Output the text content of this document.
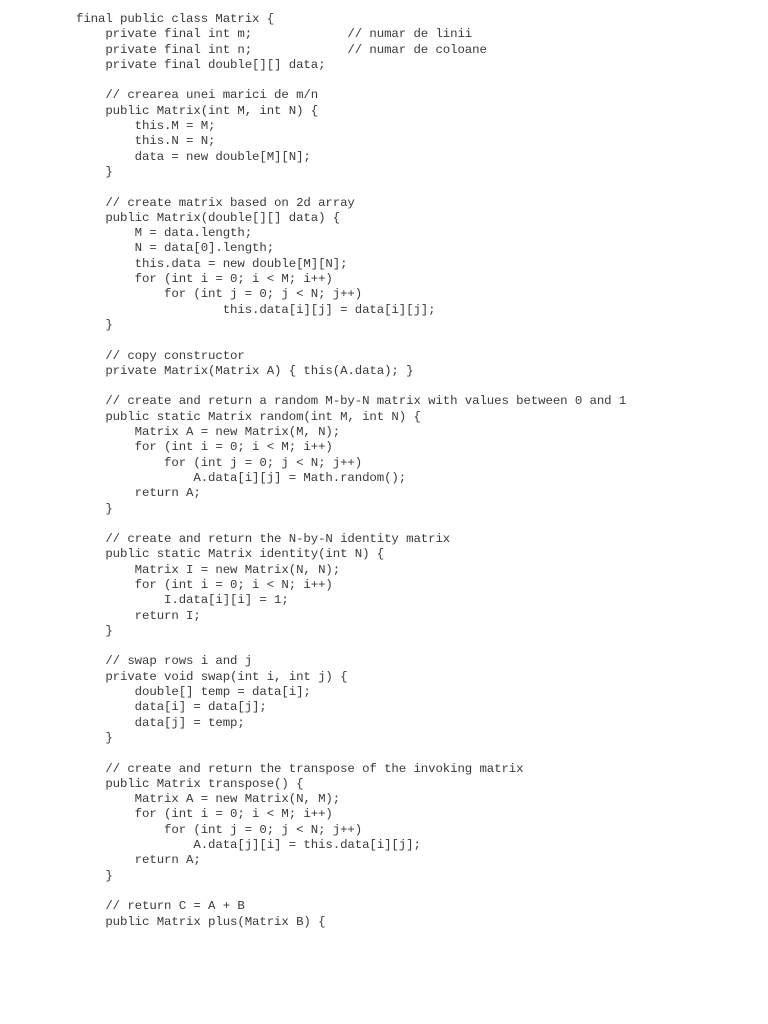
final public class Matrix {
private final int m;             // numar de linii
private final int n;             // numar de coloane
private final double[][] data;
// crearea unei marici de m/n
public Matrix(int M, int N) {
this.M = M;
this.N = N;
data = new double[M][N];
}
// create matrix based on 2d array
public Matrix(double[][] data) {
M = data.length;
N = data[0].length;
this.data = new double[M][N];
for (int i = 0; i < M; i++)
for (int j = 0; j < N; j++)
this.data[i][j] = data[i][j];
}
// copy constructor
private Matrix(Matrix A) { this(A.data); }
// create and return a random M-by-N matrix with values between 0 and 1
public static Matrix random(int M, int N) {
Matrix A = new Matrix(M, N);
for (int i = 0; i < M; i++)
for (int j = 0; j < N; j++)
A.data[i][j] = Math.random();
return A;
}
// create and return the N-by-N identity matrix
public static Matrix identity(int N) {
Matrix I = new Matrix(N, N);
for (int i = 0; i < N; i++)
I.data[i][i] = 1;
return I;
}
// swap rows i and j
private void swap(int i, int j) {
double[] temp = data[i];
data[i] = data[j];
data[j] = temp;
}
// create and return the transpose of the invoking matrix
public Matrix transpose() {
Matrix A = new Matrix(N, M);
for (int i = 0; i < M; i++)
for (int j = 0; j < N; j++)
A.data[j][i] = this.data[i][j];
return A;
}
// return C = A + B
public Matrix plus(Matrix B) {
